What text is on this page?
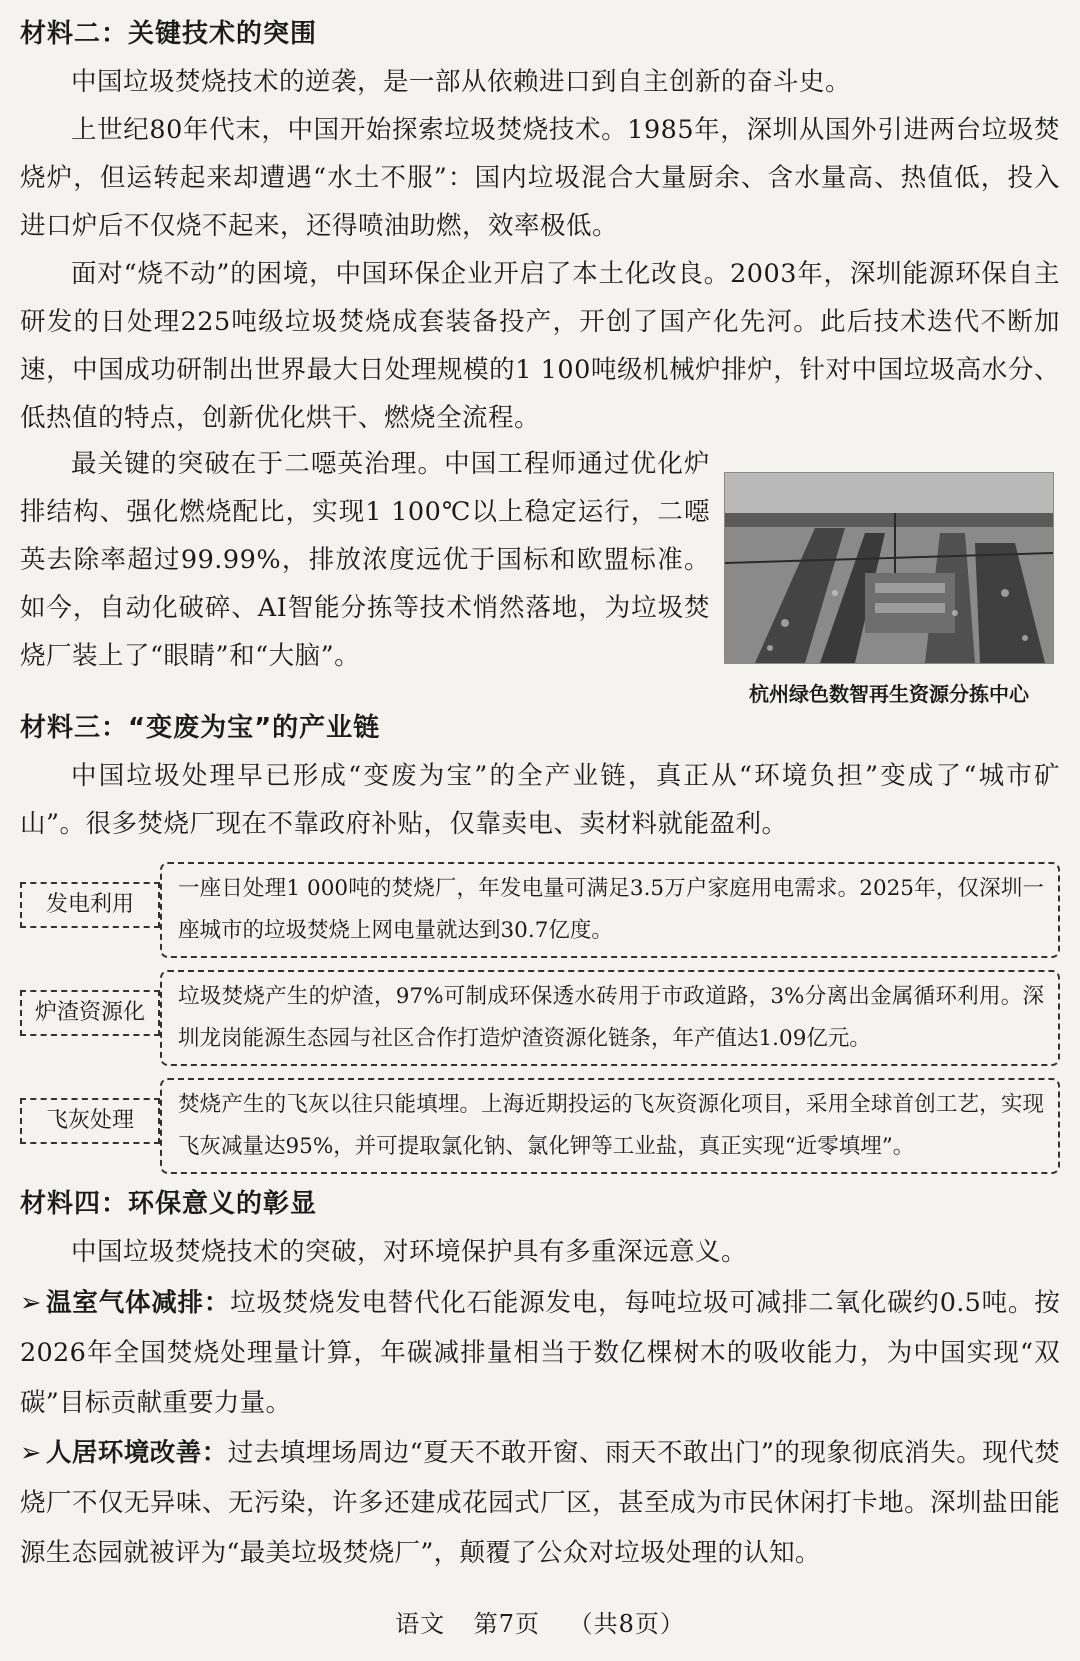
材料二：关键技术的突围
中国垃圾焚烧技术的逆袭，是一部从依赖进口到自主创新的奋斗史。
上世纪80年代末，中国开始探索垃圾焚烧技术。1985年，深圳从国外引进两台垃圾焚烧炉，但运转起来却遭遇“水土不服”：国内垃圾混合大量厨余、含水量高、热值低，投入进口炉后不仅烧不起来，还得喷油助燃，效率极低。
面对“烧不动”的困境，中国环保企业开启了本土化改良。2003年，深圳能源环保自主研发的日处理225吨级垃圾焚烧成套装备投产，开创了国产化先河。此后技术迭代不断加速，中国成功研制出世界最大日处理规模的1 100吨级机械炉排炉，针对中国垃圾高水分、低热值的特点，创新优化烘干、燃烧全流程。
最关键的突破在于二噁英治理。中国工程师通过优化炉排结构、强化燃烧配比，实现1 100℃以上稳定运行，二噁英去除率超过99.99%，排放浓度远优于国标和欧盟标准。如今，自动化破碎、AI智能分拣等技术悄然落地，为垃圾焚烧厂装上了“眼睛”和“大脑”。
杭州绿色数智再生资源分拣中心
材料三：“变废为宝”的产业链
中国垃圾处理早已形成“变废为宝”的全产业链，真正从“环境负担”变成了“城市矿山”。很多焚烧厂现在不靠政府补贴，仅靠卖电、卖材料就能盈利。
发电利用
一座日处理1 000吨的焚烧厂，年发电量可满足3.5万户家庭用电需求。2025年，仅深圳一座城市的垃圾焚烧上网电量就达到30.7亿度。
炉渣资源化
垃圾焚烧产生的炉渣，97%可制成环保透水砖用于市政道路，3%分离出金属循环利用。深圳龙岗能源生态园与社区合作打造炉渣资源化链条，年产值达1.09亿元。
飞灰处理
焚烧产生的飞灰以往只能填埋。上海近期投运的飞灰资源化项目，采用全球首创工艺，实现飞灰减量达95%，并可提取氯化钠、氯化钾等工业盐，真正实现“近零填埋”。
材料四：环保意义的彰显
中国垃圾焚烧技术的突破，对环境保护具有多重深远意义。
➢ 温室气体减排：垃圾焚烧发电替代化石能源发电，每吨垃圾可减排二氧化碳约0.5吨。按2026年全国焚烧处理量计算，年碳减排量相当于数亿棵树木的吸收能力，为中国实现“双碳”目标贡献重要力量。
➢ 人居环境改善：过去填埋场周边“夏天不敢开窗、雨天不敢出门”的现象彻底消失。现代焚烧厂不仅无异味、无污染，许多还建成花园式厂区，甚至成为市民休闲打卡地。深圳盐田能源生态园就被评为“最美垃圾焚烧厂”，颠覆了公众对垃圾处理的认知。
语文 第7页 （共8页）
